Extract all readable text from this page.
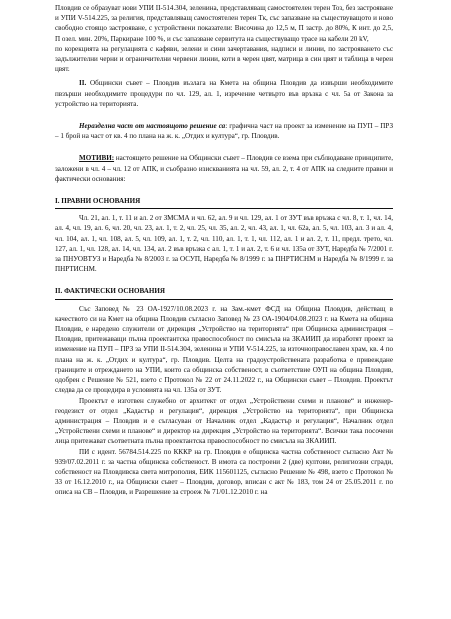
Пловдив се образуват нови УПИ II-514.304, зеленина, представляващ самостоятелен терен Тоз, без застрояване и УПИ V-514.225, за религия, представляващ самостоятелен терен Тк, със запазване на съществуващото и ново свободно стоящо застрояване, с устройствени показатели: Височина до 12,5 м, П застр. до 80%, К инт. до 2,5, П озел. мин. 20%, Паркиране 100 %, и със запазване сервитута на съществуващо трасе на кабели 20 kV,

по корекцията на регулацията с кафяви, зелени и сини зачертавания, надписи и линии, по застрояването със задължителни черни и ограничителни червени линии, коти в черен цвят, матрица в син цвят и таблица в черен цвят.

II. Общински съвет – Пловдив възлага на Кмета на община Пловдив да извърши необходимите пвзърши необходимите процедури по чл. 129, ал. 1, изречение четвърто във връзка с чл. 5а от Закона за устройство на територията.

Неразделна част от настоящото решение са: графична част на проект за изменение на ПУП – ПРЗ – 1 брой на част от кв. 4 по плана на ж. к. „Отдих и култура“, гр. Пловдив.

МОТИВИ: настоящето решение на Общински съвет – Пловдив се взема при съблюдаване принципите, заложени в чл. 4 – чл. 12 от АПК, и съобразно изискванията на чл. 59, ал. 2, т. 4 от АПК на следните правни и фактически основания:

I. ПРАВНИ ОСНОВАНИЯ

Чл. 21, ал. 1, т. 11 и ал. 2 от ЗМСМА и чл. 62, ал. 9 и чл. 129, ал. 1 от ЗУТ във връзка с чл. 8, т. 1, чл. 14, ал. 4, чл. 19, ал. 6, чл. 20, чл. 23, ал. 1, т. 2, чл. 25, чл. 35, ал. 2, чл. 43, ал. 1, чл. 62а, ал. 5, чл. 103, ал. 3 и ал. 4, чл. 104, ал. 1, чл. 108, ал. 5, чл. 109, ал. 1, т. 2, чл. 110, ал. 1, т. 1, чл. 112, ал. 1 и ал. 2, т. 11, предл. трето, чл. 127, ал. 1, чл. 128, ал. 14, чл. 134, ал. 2 във връзка с ал. 1, т. 1 и ал. 2, т. 6 и чл. 135а от ЗУТ, Наредба № 7/2001 г. за ПНУОВТУЗ и Наредба № 8/2003 г. за ОСУП, Наредба № 8/1999 г. за ПНРТИСНМ и Наредба № 8/1999 г. за ПНРТИСНМ.

II. ФАКТИЧЕСКИ ОСНОВАНИЯ

Със Заповед № 23 ОА-1927/10.08.2023 г. на Зам.-кмет ФСД на Община Пловдив, действащ в качеството си на Кмет на община Пловдив съгласно Заповед № 23 ОА-1904/04.08.2023 г. на Кмета на община Пловдив, е наредено служители от дирекция „Устройство на територията“ при Общинска администрация – Пловдив, притежаващи пълна проектантска правоспособност по смисъла на ЗКАИИП да изработят проект за изменение на ПУП – ПРЗ за УПИ II-514.304, зеленина и УПИ V-514.225, за източноправославен храм, кв. 4 по плана на ж. к. „Отдих и култура“, гр. Пловдив. Целта на градоустройствената разработка е привеждане границите и отреждането на УПИ, които са общинска собственост, в съответствие ОУП на община Пловдив, одобрен с Решение № 521, взето с Протокол № 22 от 24.11.2022 г., на Общински съвет – Пловдив. Проектът следва да се процедира в условията на чл. 135а от ЗУТ.

Проектът е изготвен служебно от архитект от отдел „Устройствени схеми и планове“ и инженер-геодезист от отдел „Кадастър и регулация“, дирекция „Устройство на територията“, при Общинска администрация – Пловдив и е съгласуван от Началник отдел „Кадастър и регулация“, Началник отдел „Устройствени схеми и планове“ и директор на дирекция „Устройство на територията“. Всички така посочени лица притежават съответната пълна проектантска правоспособност по смисъла на ЗКАИИП.

ПИ с идент. 56784.514.225 по КККР на гр. Пловдив е общинска частна собственост съгласно Акт № 939/07.02.2011 г. за частна общинска собственост. В имота са построени 2 (две) култови, религиозни сгради, собственост на Пловдивска света митрополия, ЕИК 115601125, съгласно Решение № 498, взето с Протокол № 33 от 16.12.2010 г., на Общински съвет – Пловдив, договор, вписан с акт № 183, том 24 от 25.05.2011 г. по описа на СВ – Пловдив, и Разрешение за строеж № 71/01.12.2010 г. на
